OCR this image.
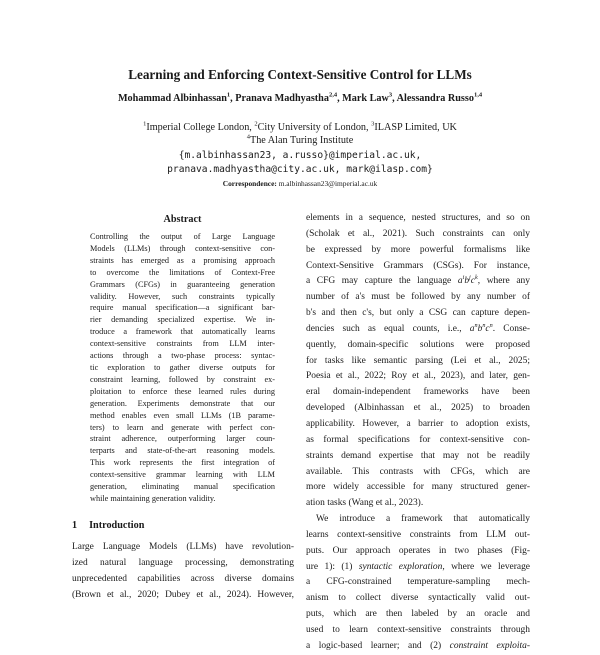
Learning and Enforcing Context-Sensitive Control for LLMs
Mohammad Albinhassan$^1$, Pranava Madhyastha$^{2,4}$, Mark Law$^3$, Alessandra Russo$^{1,4}$
$^1$Imperial College London, $^2$City University of London, $^3$ILASP Limited, UK
$^4$The Alan Turing Institute
{m.albinhassan23, a.russo}@imperial.ac.uk,
pranava.madhyastha@city.ac.uk, mark@ilasp.com}
Correspondence: m.albinhassan23@imperial.ac.uk
Abstract
Controlling the output of Large Language
Models (LLMs) through context-sensitive con-
straints has emerged as a promising approach
to overcome the limitations of Context-Free
Grammars (CFGs) in guaranteeing generation
validity. However, such constraints typically
require manual specification—a significant bar-
rier demanding specialized expertise. We in-
troduce a framework that automatically learns
context-sensitive constraints from LLM inter-
actions through a two-phase process: syntac-
tic exploration to gather diverse outputs for
constraint learning, followed by constraint ex-
ploitation to enforce these learned rules during
generation. Experiments demonstrate that our
method enables even small LLMs (1B parame-
ters) to learn and generate with perfect con-
straint adherence, outperforming larger coun-
terparts and state-of-the-art reasoning models.
This work represents the first integration of
context-sensitive grammar learning with LLM
generation, eliminating manual specification
while maintaining generation validity.
1 Introduction
Large Language Models (LLMs) have revolution-
ized natural language processing, demonstrating
unprecedented capabilities across diverse domains
(Brown et al., 2020; Dubey et al., 2024). However,
elements in a sequence, nested structures, and so on
(Scholak et al., 2021). Such constraints can only
be expressed by more powerful formalisms like
Context-Sensitive Grammars (CSGs). For instance,
a CFG may capture the language $a^ib^jc^k$, where any
number of a's must be followed by any number of
b's and then c's, but only a CSG can capture depen-
dencies such as equal counts, i.e., $a^nb^nc^n$. Conse-
quently, domain-specific solutions were proposed
for tasks like semantic parsing (Lei et al., 2025;
Poesia et al., 2022; Roy et al., 2023), and later, gen-
eral domain-independent frameworks have been
developed (Albinhassan et al., 2025) to broaden
applicability. However, a barrier to adoption exists,
as formal specifications for context-sensitive con-
straints demand expertise that may not be readily
available. This contrasts with CFGs, which are
more widely accessible for many structured gener-
ation tasks (Wang et al., 2023).
We introduce a framework that automatically
learns context-sensitive constraints from LLM out-
puts. Our approach operates in two phases (Fig-
ure 1): (1) syntactic exploration, where we leverage
a CFG-constrained temperature-sampling mech-
anism to collect diverse syntactically valid out-
puts, which are then labeled by an oracle and
used to learn context-sensitive constraints through
a logic-based learner; and (2) constraint exploita-
